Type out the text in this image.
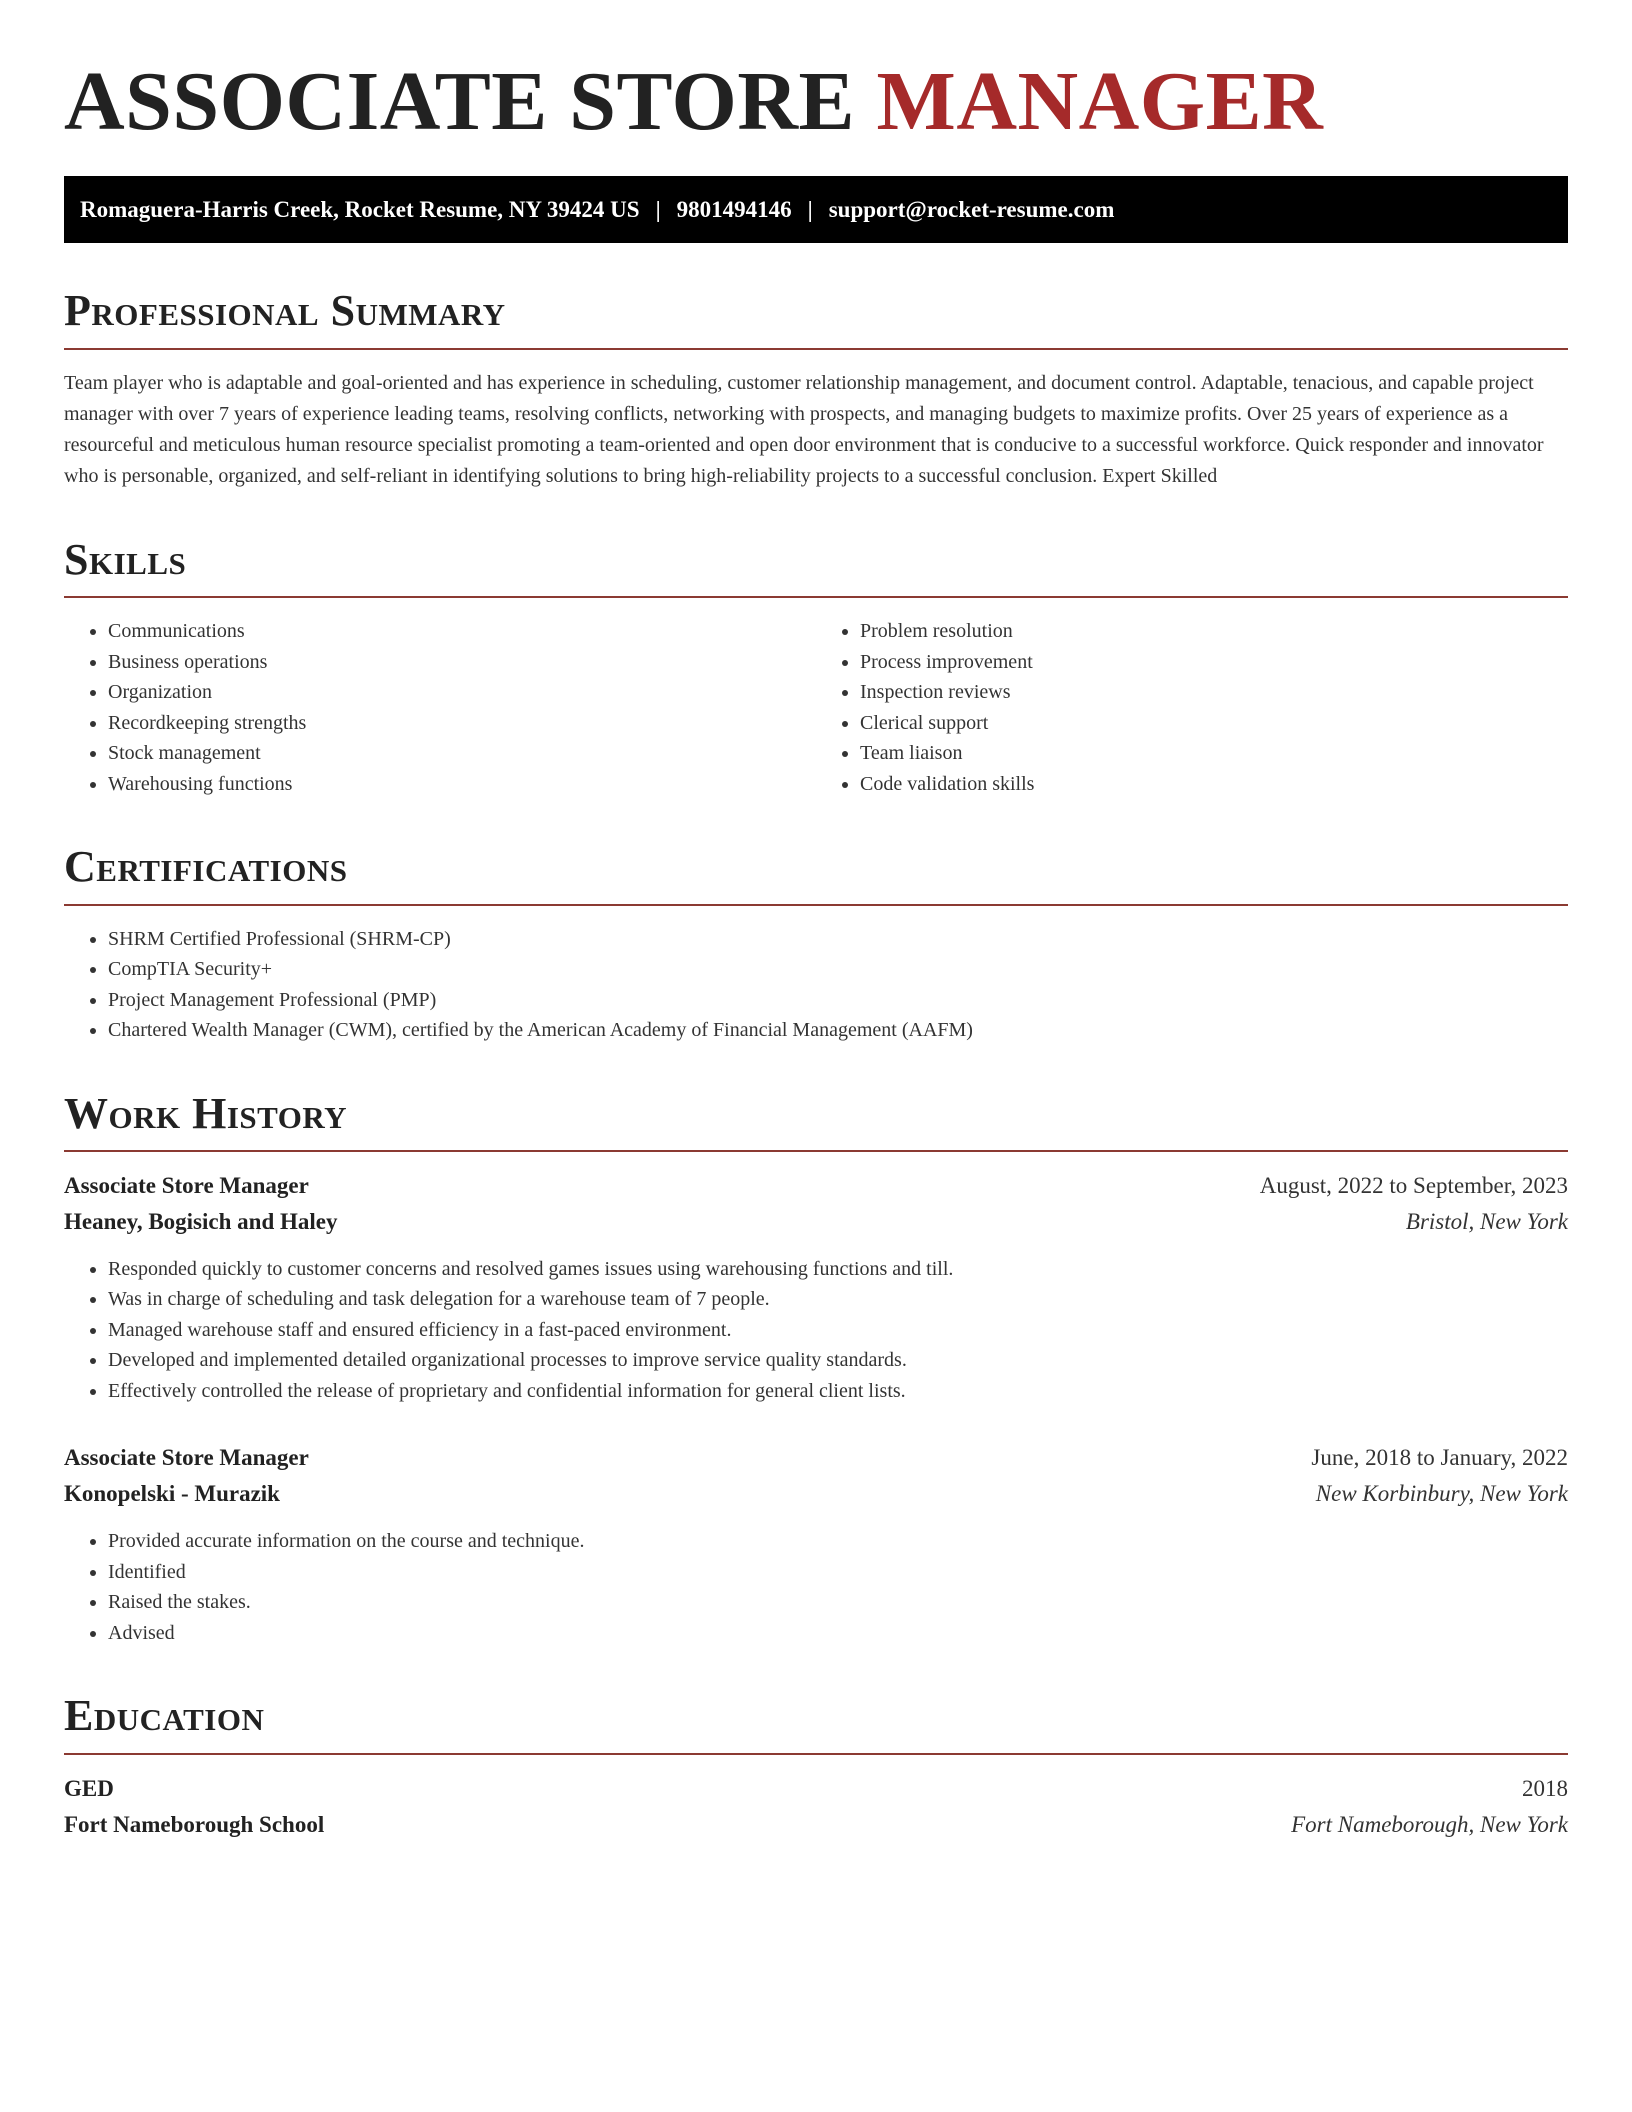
ASSOCIATE STORE MANAGER
Romaguera-Harris Creek, Rocket Resume, NY 39424 US | 9801494146 | support@rocket-resume.com
Professional Summary

Team player who is adaptable and goal-oriented and has experience in scheduling, customer relationship management, and document control. Adaptable, tenacious, and capable project manager with over 7 years of experience leading teams, resolving conflicts, networking with prospects, and managing budgets to maximize profits. Over 25 years of experience as a resourceful and meticulous human resource specialist promoting a team-oriented and open door environment that is conducive to a successful workforce. Quick responder and innovator who is personable, organized, and self-reliant in identifying solutions to bring high-reliability projects to a successful conclusion. Expert Skilled

Skills
• Communications
• Business operations
• Organization
• Recordkeeping strengths
• Stock management
• Warehousing functions
• Problem resolution
• Process improvement
• Inspection reviews
• Clerical support
• Team liaison
• Code validation skills
Certifications
• SHRM Certified Professional (SHRM-CP)
• CompTIA Security+
• Project Management Professional (PMP)
• Chartered Wealth Manager (CWM), certified by the American Academy of Financial Management (AAFM)
Work History
Associate Store Manager	August, 2022 to September, 2023
Heaney, Bogisich and Haley	Bristol, New York
• Responded quickly to customer concerns and resolved games issues using warehousing functions and till.
• Was in charge of scheduling and task delegation for a warehouse team of 7 people.
• Managed warehouse staff and ensured efficiency in a fast-paced environment.
• Developed and implemented detailed organizational processes to improve service quality standards.
• Effectively controlled the release of proprietary and confidential information for general client lists.
Associate Store Manager	June, 2018 to January, 2022
Konopelski - Murazik	New Korbinbury, New York
• Provided accurate information on the course and technique.
• Identified
• Raised the stakes.
• Advised
Education
GED	2018
Fort Nameborough School	Fort Nameborough, New York
